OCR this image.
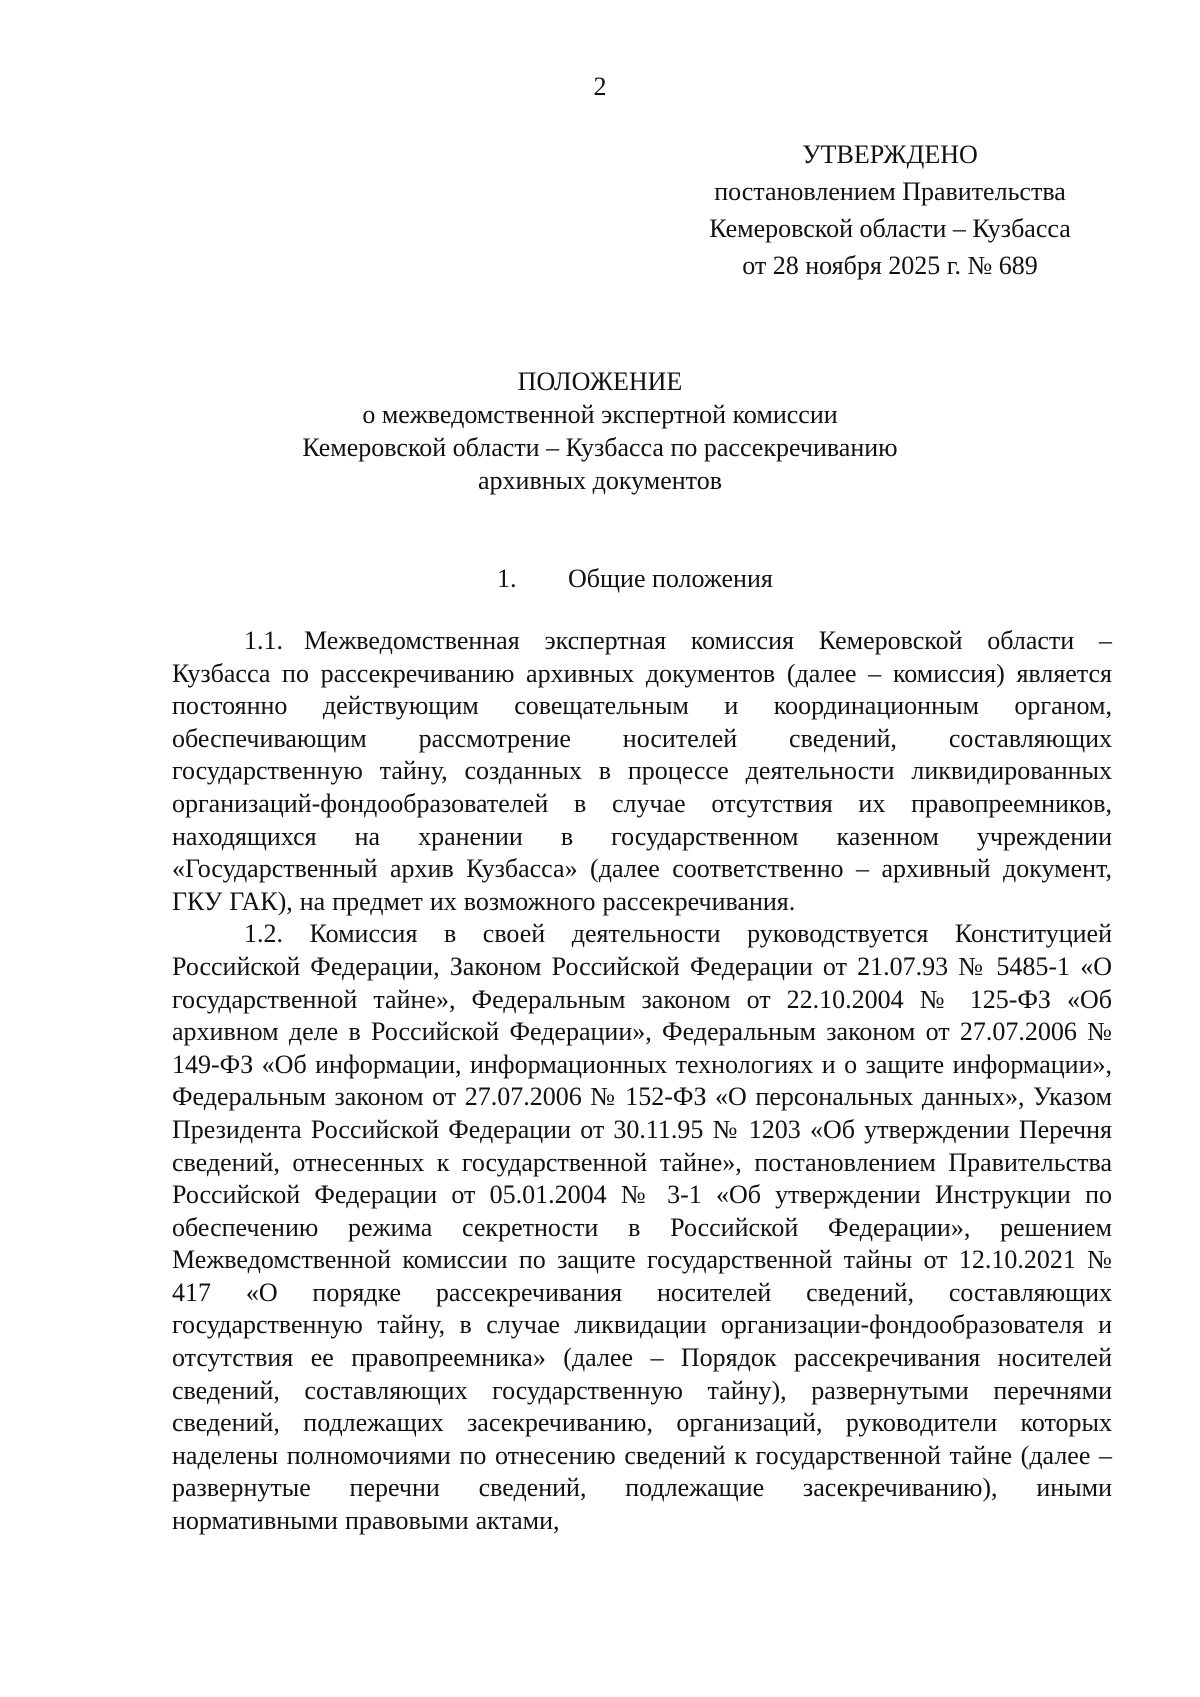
2
УТВЕРЖДЕНО
постановлением Правительства
Кемеровской области – Кузбасса
от 28 ноября 2025 г. № 689
ПОЛОЖЕНИЕ
о межведомственной экспертной комиссии
Кемеровской области – Кузбасса по рассекречиванию
архивных документов
1. Общие положения

1.1. Межведомственная экспертная комиссия Кемеровской области – Кузбасса по рассекречиванию архивных документов (далее – комиссия) является постоянно действующим совещательным и координационным органом, обеспечивающим рассмотрение носителей сведений, составляющих государственную тайну, созданных в процессе деятельности ликвидированных организаций-фондообразователей в случае отсутствия их правопреемников, находящихся на хранении в государственном казенном учреждении «Государственный архив Кузбасса» (далее соответственно – архивный документ, ГКУ ГАК), на предмет их возможного рассекречивания.

1.2. Комиссия в своей деятельности руководствуется Конституцией Российской Федерации, Законом Российской Федерации от 21.07.93 № 5485-1 «О государственной тайне», Федеральным законом от 22.10.2004 № 125-ФЗ «Об архивном деле в Российской Федерации», Федеральным законом от 27.07.2006 № 149-ФЗ «Об информации, информационных технологиях и о защите информации», Федеральным законом от 27.07.2006 № 152-ФЗ «О персональных данных», Указом Президента Российской Федерации от 30.11.95 № 1203 «Об утверждении Перечня сведений, отнесенных к государственной тайне», постановлением Правительства Российской Федерации от 05.01.2004 № 3-1 «Об утверждении Инструкции по обеспечению режима секретности в Российской Федерации», решением Межведомственной комиссии по защите государственной тайны от 12.10.2021 № 417 «О порядке рассекречивания носителей сведений, составляющих государственную тайну, в случае ликвидации организации-фондообразователя и отсутствия ее правопреемника» (далее – Порядок рассекречивания носителей сведений, составляющих государственную тайну), развернутыми перечнями сведений, подлежащих засекречиванию, организаций, руководители которых наделены полномочиями по отнесению сведений к государственной тайне (далее – развернутые перечни сведений, подлежащие засекречиванию), иными нормативными правовыми актами,
